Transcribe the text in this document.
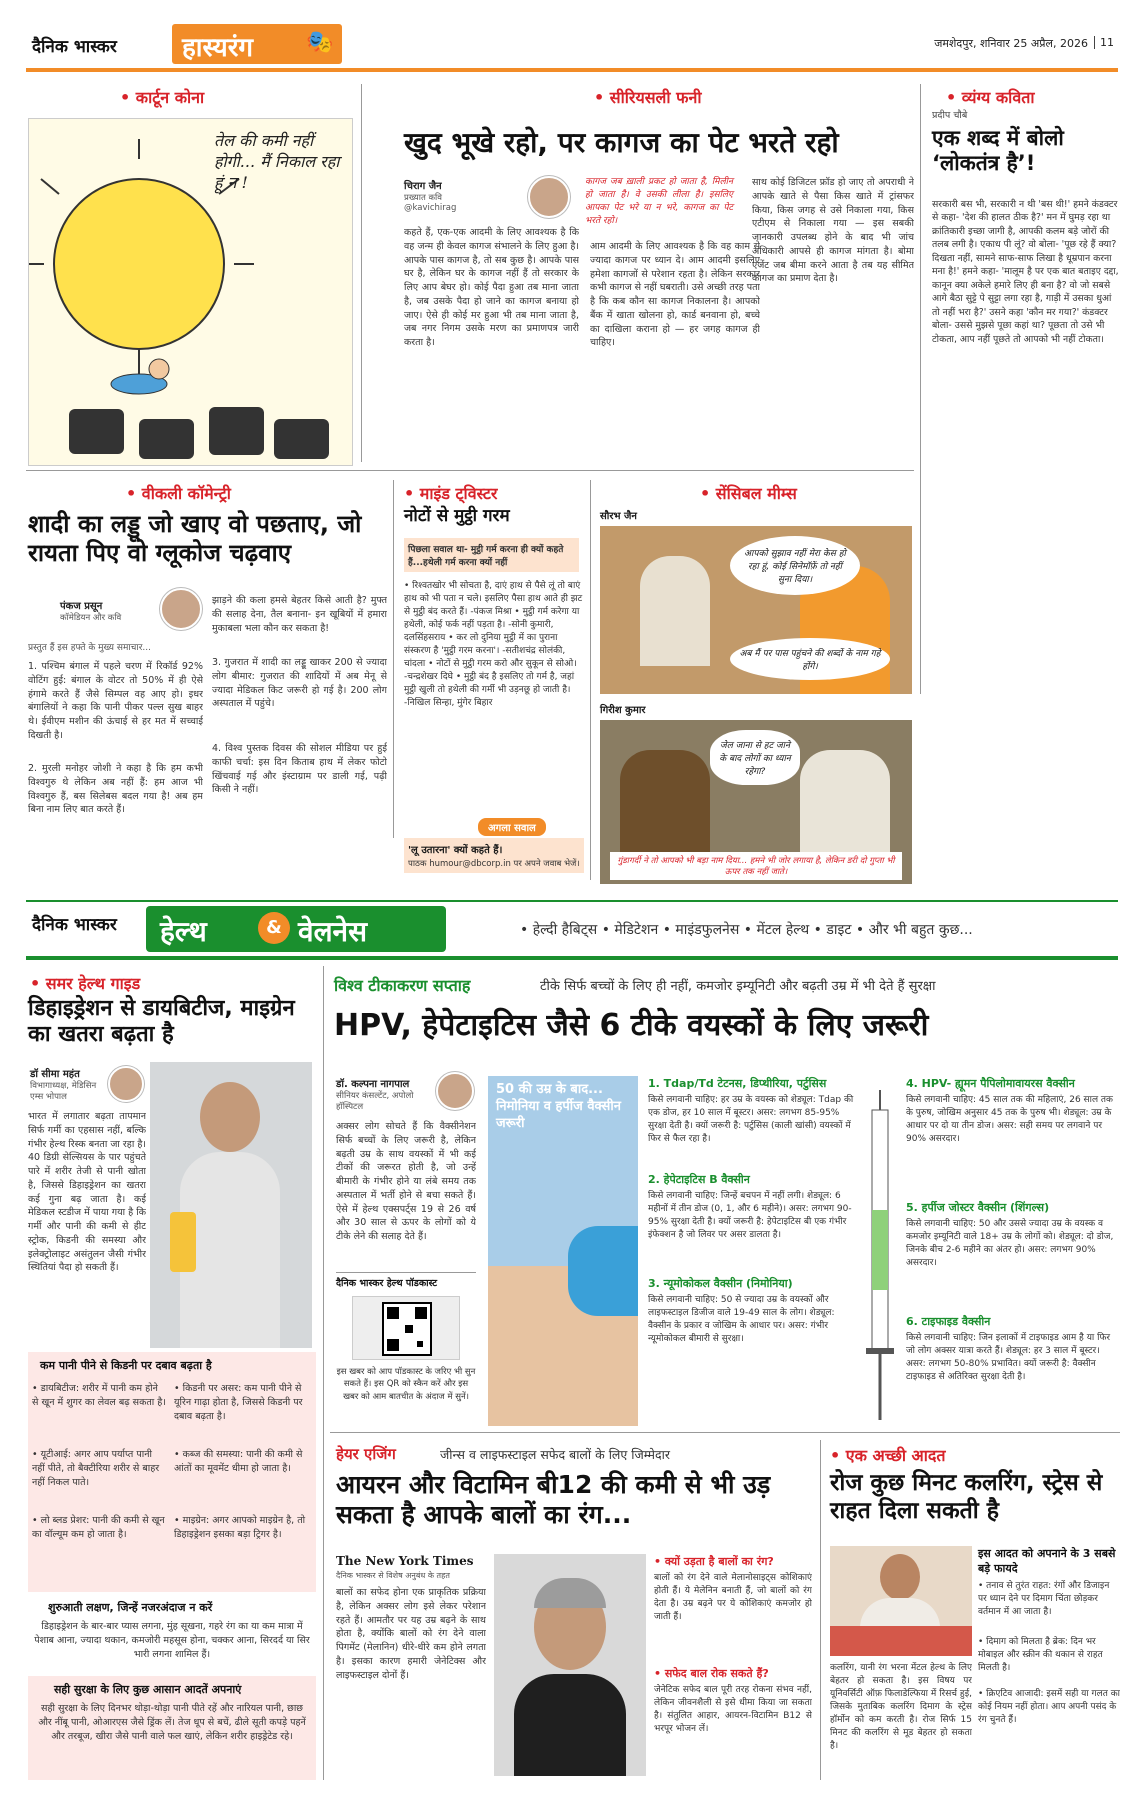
दैनिक भास्कर	हास्यरंग 🎭	जमशेदपुर, शनिवार 25 अप्रैल, 2026	11
• कार्टून कोना
तेल की कमी नहीं होगी... मैं निकाल रहा हूं न !
• सीरियसली फनी
खुद भूखे रहो, पर कागज का पेट भरते रहो
चिराग जैन
प्रख्यात कवि
@kavichirag
कागज जब ख़ाली प्रकट हो जाता है, मिलीन हो जाता है। वे उसकी लीला है। इसलिए आपका पेट भरे या न भरे, कागज का पेट भरते रहो।
कहते हैं, एक-एक आदमी के लिए आवश्यक है कि वह जन्म ही केवल कागज संभालने के लिए हुआ है। आपके पास कागज है, तो सब कुछ है। आपके पास घर है, लेकिन घर के कागज नहीं हैं तो सरकार के लिए आप बेघर हो। कोई पैदा हुआ तब माना जाता है, जब उसके पैदा हो जाने का कागज बनाया हो जाए। ऐसे ही कोई मर हुआ भी तब माना जाता है, जब नगर निगम उसके मरण का प्रमाणपत्र जारी करता है।
आम आदमी के लिए आवश्यक है कि वह काम से ज्यादा कागज पर ध्यान दे। आम आदमी इसलिए हमेशा कागजों से परेशान रहता है। लेकिन सरकार कभी कागज से नहीं घबराती। उसे अच्छी तरह पता है कि कब कौन सा कागज निकालना है। आपको बैंक में खाता खोलना हो, कार्ड बनवाना हो, बच्चे का दाखिला कराना हो — हर जगह कागज ही चाहिए।
साथ कोई डिजिटल फ्रॉड हो जाए तो अपराधी ने आपके खाते से पैसा किस खाते में ट्रांसफर किया, किस जगह से उसे निकाला गया, किस एटीएम से निकाला गया — इस सबकी जानकारी उपलब्ध होने के बाद भी जांच अधिकारी आपसे ही कागज मांगता है। बोमा एजेंट जब बीमा करने आता है तब यह सीमित कागज का प्रमाण देता है।
• व्यंग्य कविता
प्रदीप चौबे
एक शब्द में बोलो ‘लोकतंत्र है’!
सरकारी बस भी, सरकारी न थी 'बस थी!' हमने कंडक्टर से कहा- 'देश की हालत ठीक है?' मन में घुमड़ रहा था क्रांतिकारी इच्छा जागी है, आपकी कलम बड़े जोरों की तलब लगी है। एकाध पी लूं? वो बोला- 'पूछ रहे हैं क्या? दिखता नहीं, सामने साफ-साफ लिखा है धूम्रपान करना मना है!' हमने कहा- 'मालूम है पर एक बात बताइए दद्दा, कानून क्या अकेले हमारे लिए ही बना है? वो जो सबसे आगे बैठा सुट्टे पे सुट्टा लगा रहा है, गाड़ी में उसका धुआं तो नहीं भरा है?' उसने कहा 'कौन मर गया?' कंडक्टर बोला- उससे मुझसे पूछा कहां था? पूछता तो उसे भी टोकता, आप नहीं पूछते तो आपको भी नहीं टोकता।
• वीकली कॉमेन्ट्री
शादी का लड्डू जो खाए वो पछताए, जो रायता पिए वो ग्लूकोज चढ़वाए
पंकज प्रसून
कॉमेडियन और कवि
प्रस्तुत हैं इस हफ्ते के मुख्य समाचार...
1. पश्चिम बंगाल में पहले चरण में रिकॉर्ड 92% वोटिंग हुई: बंगाल के वोटर तो 50% में ही ऐसे हंगामे करते हैं जैसे सिम्पल वह आए हो। इधर बंगालियों ने कहा कि पानी पीकर पल्ल सुख बाहर थे। ईवीएम मशीन की ऊंचाई से हर मत में सच्चाई दिखती है।
2. मुरली मनोहर जोशी ने कहा है कि हम कभी विश्वगुरु थे लेकिन अब नहीं हैं: हम आज भी विश्वगुरु हैं, बस सिलेबस बदल गया है! अब हम बिना नाम लिए बात करते हैं।
झाड़ने की कला हमसे बेहतर किसे आती है? मुफ्त की सलाह देना, तैल बनाना- इन खूबियों में हमारा मुकाबला भला कौन कर सकता है!
3. गुजरात में शादी का लड्डू खाकर 200 से ज्यादा लोग बीमार: गुजरात की शादियों में अब मेनू से ज्यादा मेडिकल किट जरूरी हो गई है। 200 लोग अस्पताल में पहुंचे।
4. विश्व पुस्तक दिवस की सोशल मीडिया पर हुई काफी चर्चा: इस दिन किताब हाथ में लेकर फोटो खिंचवाई गई और इंस्टाग्राम पर डाली गई, पढ़ी किसी ने नहीं।
• माइंड ट्विस्टर
नोटों से मुट्ठी गरम
पिछला सवाल था- मुट्ठी गर्म करना ही क्यों कहते हैं...हथेली गर्म करना क्यों नहीं
• रिश्वतखोर भी सोचता है, दाएं हाथ से पैसे लूं तो बाएं हाथ को भी पता न चले। इसलिए पैसा हाथ आते ही झट से मुट्ठी बंद करते हैं। -पंकज मिश्रा • मुट्ठी गर्म करेगा या हथेली, कोई फर्क नहीं पड़ता है। -सोनी कुमारी, दलसिंहसराय • कर लो दुनिया मुट्ठी में का पुराना संस्करण है 'मुट्ठी गरम करना'। -सतीशचंद्र सोलंकी, चांदला • नोटों से मुट्ठी गरम करो और सुकून से सोओ। -चन्द्रशेखर दिघे • मुट्ठी बंद है इसलिए तो गर्म है, जहां मुट्ठी खुली तो हथेली की गर्मी भी उड़नछू हो जाती है। -निखिल सिन्हा, मुंगेर बिहार
अगला सवाल
'लू उतारना' क्यों कहते हैं।
पाठक humour@dbcorp.in पर अपने जवाब भेजें।
• सेंसिबल मीम्स
सौरभ जैन
आपको सुझाव नहीं मेरा केस हो रहा हूं, कोई सिनेमॉफ़ें तो नहीं सुना दिया।
अब मैं पर पास पहुंचने की शब्दों के नाम गहे होंगे।
गिरीश कुमार
जेल जाना से हट जाने के बाद लोगों का ध्यान रहेगा?
गुंडागर्दी ने तो आपको भी बड़ा नाम दिया... हमने भी जोर लगाया है, लेकिन डरी दो गुप्ता भी ऊपर तक नहीं जाते।
दैनिक भास्कर हेल्थ	& वेलनेस	• हेल्दी हैबिट्स • मेडिटेशन • माइंडफुलनेस • मेंटल हेल्थ • डाइट • और भी बहुत कुछ...
• समर हेल्थ गाइड
डिहाइड्रेशन से डायबिटीज, माइग्रेन का खतरा बढ़ता है
डॉ सीमा महंत
विभागाध्यक्ष, मेडिसिन एम्स भोपाल
भारत में लगातार बढ़ता तापमान सिर्फ गर्मी का एहसास नहीं, बल्कि गंभीर हेल्थ रिस्क बनता जा रहा है। 40 डिग्री सेल्सियस के पार पहुंचते पारे में शरीर तेजी से पानी खोता है, जिससे डिहाइड्रेशन का खतरा कई गुना बढ़ जाता है। कई मेडिकल स्टडीज में पाया गया है कि गर्मी और पानी की कमी से हीट स्ट्रोक, किडनी की समस्या और इलेक्ट्रोलाइट असंतुलन जैसी गंभीर स्थितियां पैदा हो सकती हैं।
कम पानी पीने से किडनी पर दबाव बढ़ता है
• डायबिटीज: शरीर में पानी कम होने से खून में शुगर का लेवल बढ़ सकता है।
• किडनी पर असर: कम पानी पीने से यूरिन गाढ़ा होता है, जिससे किडनी पर दबाव बढ़ता है।
• यूटीआई: अगर आप पर्याप्त पानी नहीं पीते, तो बैक्टीरिया शरीर से बाहर नहीं निकल पाते।
• कब्ज की समस्या: पानी की कमी से आंतों का मूवमेंट धीमा हो जाता है।
• लो ब्लड प्रेशर: पानी की कमी से खून का वॉल्यूम कम हो जाता है।
• माइग्रेन: अगर आपको माइग्रेन है, तो डिहाइड्रेशन इसका बड़ा ट्रिगर है।
शुरुआती लक्षण, जिन्हें नजरअंदाज न करें
डिहाइड्रेशन के बार-बार प्यास लगना, मुंह सूखना, गहरे रंग का या कम मात्रा में पेशाब आना, ज्यादा थकान, कमजोरी महसूस होना, चक्कर आना, सिरदर्द या सिर भारी लगना शामिल हैं।
सही सुरक्षा के लिए कुछ आसान आदतें अपनाएं
सही सुरक्षा के लिए दिनभर थोड़ा-थोड़ा पानी पीते रहें और नारियल पानी, छाछ और नींबू पानी, ओआरएस जैसे ड्रिंक लें। तेज धूप से बचें, ढीले सूती कपड़े पहनें और तरबूज, खीरा जैसे पानी वाले फल खाएं, लेकिन शरीर हाइड्रेटेड रहे।
विश्व टीकाकरण सप्ताह	टीके सिर्फ बच्चों के लिए ही नहीं, कमजोर इम्यूनिटी और बढ़ती उम्र में भी देते हैं सुरक्षा
HPV, हेपेटाइटिस जैसे 6 टीके वयस्कों के लिए जरूरी
डॉ. कल्पना नागपाल
सीनियर कंसल्टेंट, अपोलो हॉस्पिटल
अक्सर लोग सोचते हैं कि वैक्सीनेशन सिर्फ बच्चों के लिए जरूरी है, लेकिन बढ़ती उम्र के साथ वयस्कों में भी कई टीकों की जरूरत होती है, जो उन्हें बीमारी के गंभीर होने या लंबे समय तक अस्पताल में भर्ती होने से बचा सकते हैं। ऐसे में हेल्थ एक्सपर्ट्स 19 से 26 वर्ष और 30 साल से ऊपर के लोगों को ये टीके लेने की सलाह देते हैं।
दैनिक भास्कर हेल्थ पॉडकास्ट
इस खबर को आप पॉडकास्ट के जरिए भी सुन सकते हैं। इस QR को स्कैन करें और इस खबर को आम बातचीत के अंदाज में सुनें।
50 की उम्र के बाद... निमोनिया व हर्पीज वैक्सीन जरूरी
1. Tdap/Td टेटनस, डिप्थीरिया, पर्टुसिस
किसे लगवानी चाहिए: हर उम्र के वयस्क को शेड्यूल: Tdap की एक डोज, हर 10 साल में बूस्टर। असर: लगभग 85-95% सुरक्षा देती है। क्यों जरूरी है: पर्टुसिस (काली खांसी) वयस्कों में फिर से फैल रहा है।
2. हेपेटाइटिस B वैक्सीन
किसे लगवानी चाहिए: जिन्हें बचपन में नहीं लगी। शेड्यूल: 6 महीनों में तीन डोज (0, 1, और 6 महीने)। असर: लगभग 90-95% सुरक्षा देती है। क्यों जरूरी है: हेपेटाइटिस बी एक गंभीर इंफेक्शन है जो लिवर पर असर डालता है।
3. न्यूमोकोकल वैक्सीन (निमोनिया)
किसे लगवानी चाहिए: 50 से ज्यादा उम्र के वयस्कों और लाइफस्टाइल डिजीज वाले 19-49 साल के लोग। शेड्यूल: वैक्सीन के प्रकार व जोखिम के आधार पर। असर: गंभीर न्यूमोकोकल बीमारी से सुरक्षा।
4. HPV- ह्यूमन पैपिलोमावायरस वैक्सीन
किसे लगवानी चाहिए: 45 साल तक की महिलाएं, 26 साल तक के पुरुष, जोखिम अनुसार 45 तक के पुरुष भी। शेड्यूल: उम्र के आधार पर दो या तीन डोज। असर: सही समय पर लगवाने पर 90% असरदार।
5. हर्पीज जोस्टर वैक्सीन (शिंगल्स)
किसे लगवानी चाहिए: 50 और उससे ज्यादा उम्र के वयस्क व कमजोर इम्यूनिटी वाले 18+ उम्र के लोगों को। शेड्यूल: दो डोज, जिनके बीच 2-6 महीने का अंतर हो। असर: लगभग 90% असरदार।
6. टाइफाइड वैक्सीन
किसे लगवानी चाहिए: जिन इलाकों में टाइफाइड आम है या फिर जो लोग अक्सर यात्रा करते हैं। शेड्यूल: हर 3 साल में बूस्टर। असर: लगभग 50-80% प्रभावित। क्यों जरूरी है: वैक्सीन टाइफाइड से अतिरिक्त सुरक्षा देती है।
हेयर एजिंग	जीन्स व लाइफस्टाइल सफेद बालों के लिए जिम्मेदार
आयरन और विटामिन बी12 की कमी से भी उड़ सकता है आपके बालों का रंग...
The New York Times
दैनिक भास्कर से विशेष अनुबंध के तहत
बालों का सफेद होना एक प्राकृतिक प्रक्रिया है, लेकिन अक्सर लोग इसे लेकर परेशान रहते हैं। आमतौर पर यह उम्र बढ़ने के साथ होता है, क्योंकि बालों को रंग देने वाला पिगमेंट (मेलानिन) धीरे-धीरे कम होने लगता है। इसका कारण हमारी जेनेटिक्स और लाइफस्टाइल दोनों हैं।
• क्यों उड़ता है बालों का रंग?
बालों को रंग देने वाले मेलानोसाइट्स कोशिकाएं होती हैं। ये मेलेनिन बनाती हैं, जो बालों को रंग देता है। उम्र बढ़ने पर ये कोशिकाएं कमजोर हो जाती हैं।
• सफेद बाल रोक सकते हैं?
जेनेटिक सफेद बाल पूरी तरह रोकना संभव नहीं, लेकिन जीवनशैली से इसे धीमा किया जा सकता है। संतुलित आहार, आयरन-विटामिन B12 से भरपूर भोजन लें।
• एक अच्छी आदत
रोज कुछ मिनट कलरिंग, स्ट्रेस से राहत दिला सकती है
इस आदत को अपनाने के 3 सबसे बड़े फायदे
• तनाव से तुरंत राहत: रंगों और डिजाइन पर ध्यान देने पर दिमाग चिंता छोड़कर वर्तमान में आ जाता है।
• दिमाग को मिलता है ब्रेक: दिन भर मोबाइल और स्क्रीन की थकान से राहत मिलती है।
• क्रिएटिव आजादी: इसमें सही या गलत का कोई नियम नहीं होता। आप अपनी पसंद के रंग चुनते हैं।
कलरिंग, यानी रंग भरना मेंटल हेल्थ के लिए बेहतर हो सकता है। इस विषय पर यूनिवर्सिटी ऑफ़ फिलाडेल्फिया में रिसर्च हुई, जिसके मुताबिक कलरिंग दिमाग के स्ट्रेस हॉर्मोन को कम करती है। रोज सिर्फ 15 मिनट की कलरिंग से मूड बेहतर हो सकता है।
